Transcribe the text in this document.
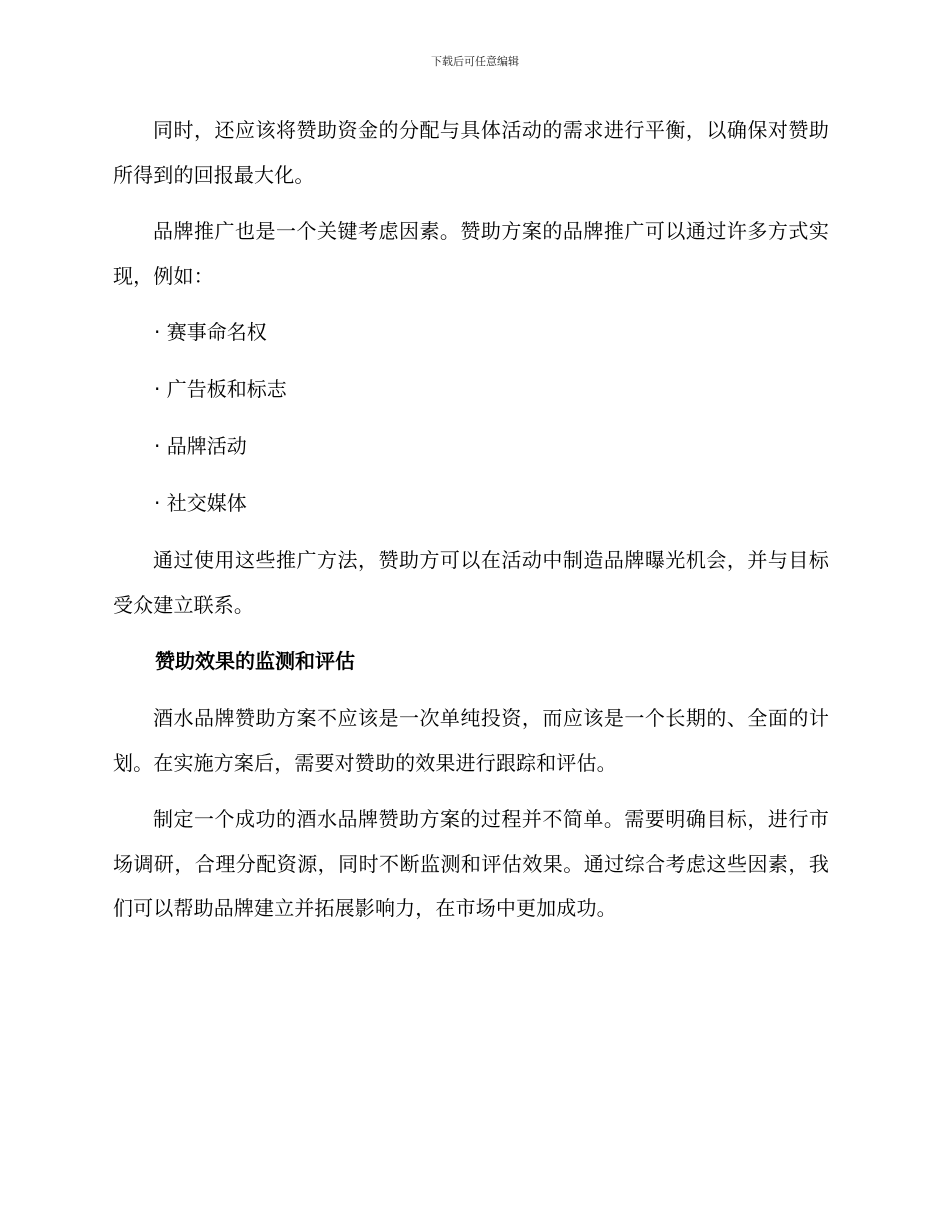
下载后可任意编辑

同时，还应该将赞助资金的分配与具体活动的需求进行平衡，以确保对赞助所得到的回报最大化。

品牌推广也是一个关键考虑因素。赞助方案的品牌推广可以通过许多方式实现，例如：

· 赛事命名权
· 广告板和标志
· 品牌活动
· 社交媒体

通过使用这些推广方法，赞助方可以在活动中制造品牌曝光机会，并与目标受众建立联系。

赞助效果的监测和评估

酒水品牌赞助方案不应该是一次单纯投资，而应该是一个长期的、全面的计划。在实施方案后，需要对赞助的效果进行跟踪和评估。

制定一个成功的酒水品牌赞助方案的过程并不简单。需要明确目标，进行市场调研，合理分配资源，同时不断监测和评估效果。通过综合考虑这些因素，我们可以帮助品牌建立并拓展影响力，在市场中更加成功。
